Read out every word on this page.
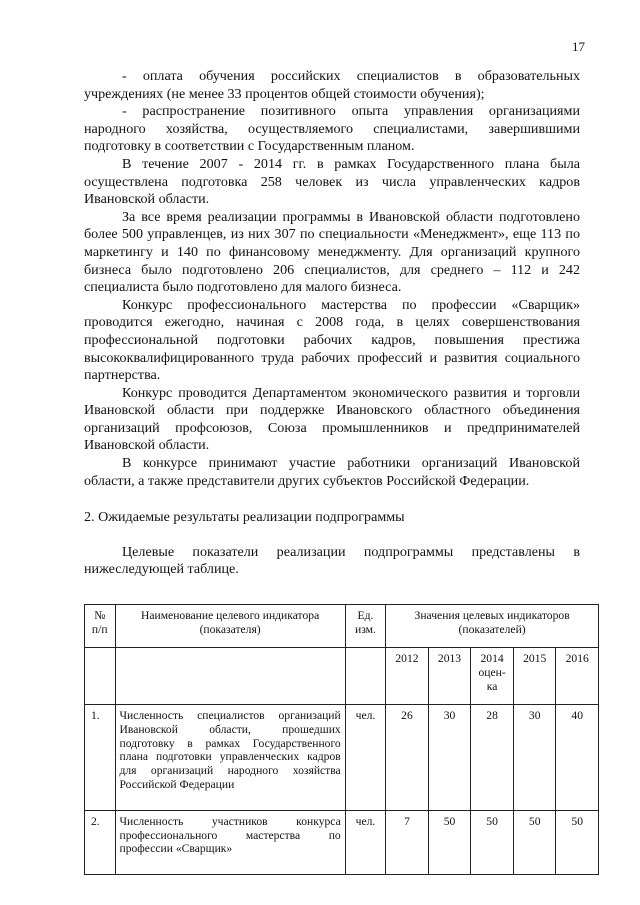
17

- оплата обучения российских специалистов в образовательных учреждениях (не менее 33 процентов общей стоимости обучения);

- распространение позитивного опыта управления организациями народного хозяйства, осуществляемого специалистами, завершившими подготовку в соответствии с Государственным планом.

В течение 2007 - 2014 гг. в рамках Государственного плана была осуществлена подготовка 258 человек из числа управленческих кадров Ивановской области.

За все время реализации программы в Ивановской области подготовлено более 500 управленцев, из них 307 по специальности «Менеджмент», еще 113 по маркетингу и 140 по финансовому менеджменту. Для организаций крупного бизнеса было подготовлено 206 специалистов, для среднего – 112 и 242 специалиста было подготовлено для малого бизнеса.

Конкурс профессионального мастерства по профессии «Сварщик» проводится ежегодно, начиная с 2008 года, в целях совершенствования профессиональной подготовки рабочих кадров, повышения престижа высококвалифицированного труда рабочих профессий и развития социального партнерства.

Конкурс проводится Департаментом экономического развития и торговли Ивановской области при поддержке Ивановского областного объединения организаций профсоюзов, Союза промышленников и предпринимателей Ивановской области.

В конкурсе принимают участие работники организаций Ивановской области, а также представители других субъектов Российской Федерации.

2. Ожидаемые результаты реализации подпрограммы

Целевые показатели реализации подпрограммы представлены в нижеследующей таблице.

№ п/п	Наименование целевого индикатора (показателя)	Ед. изм.	Значения целевых индикаторов (показателей)				
			2012	2013	2014 оцен-ка	2015	2016
1.	Численность специалистов организаций Ивановской области, прошедших подготовку в рамках Государственного плана подготовки управленческих кадров для организаций народного хозяйства Российской Федерации	чел.	26	30	28	30	40
2.	Численность участников конкурса профессионального мастерства по профессии «Сварщик»	чел.	7	50	50	50	50
